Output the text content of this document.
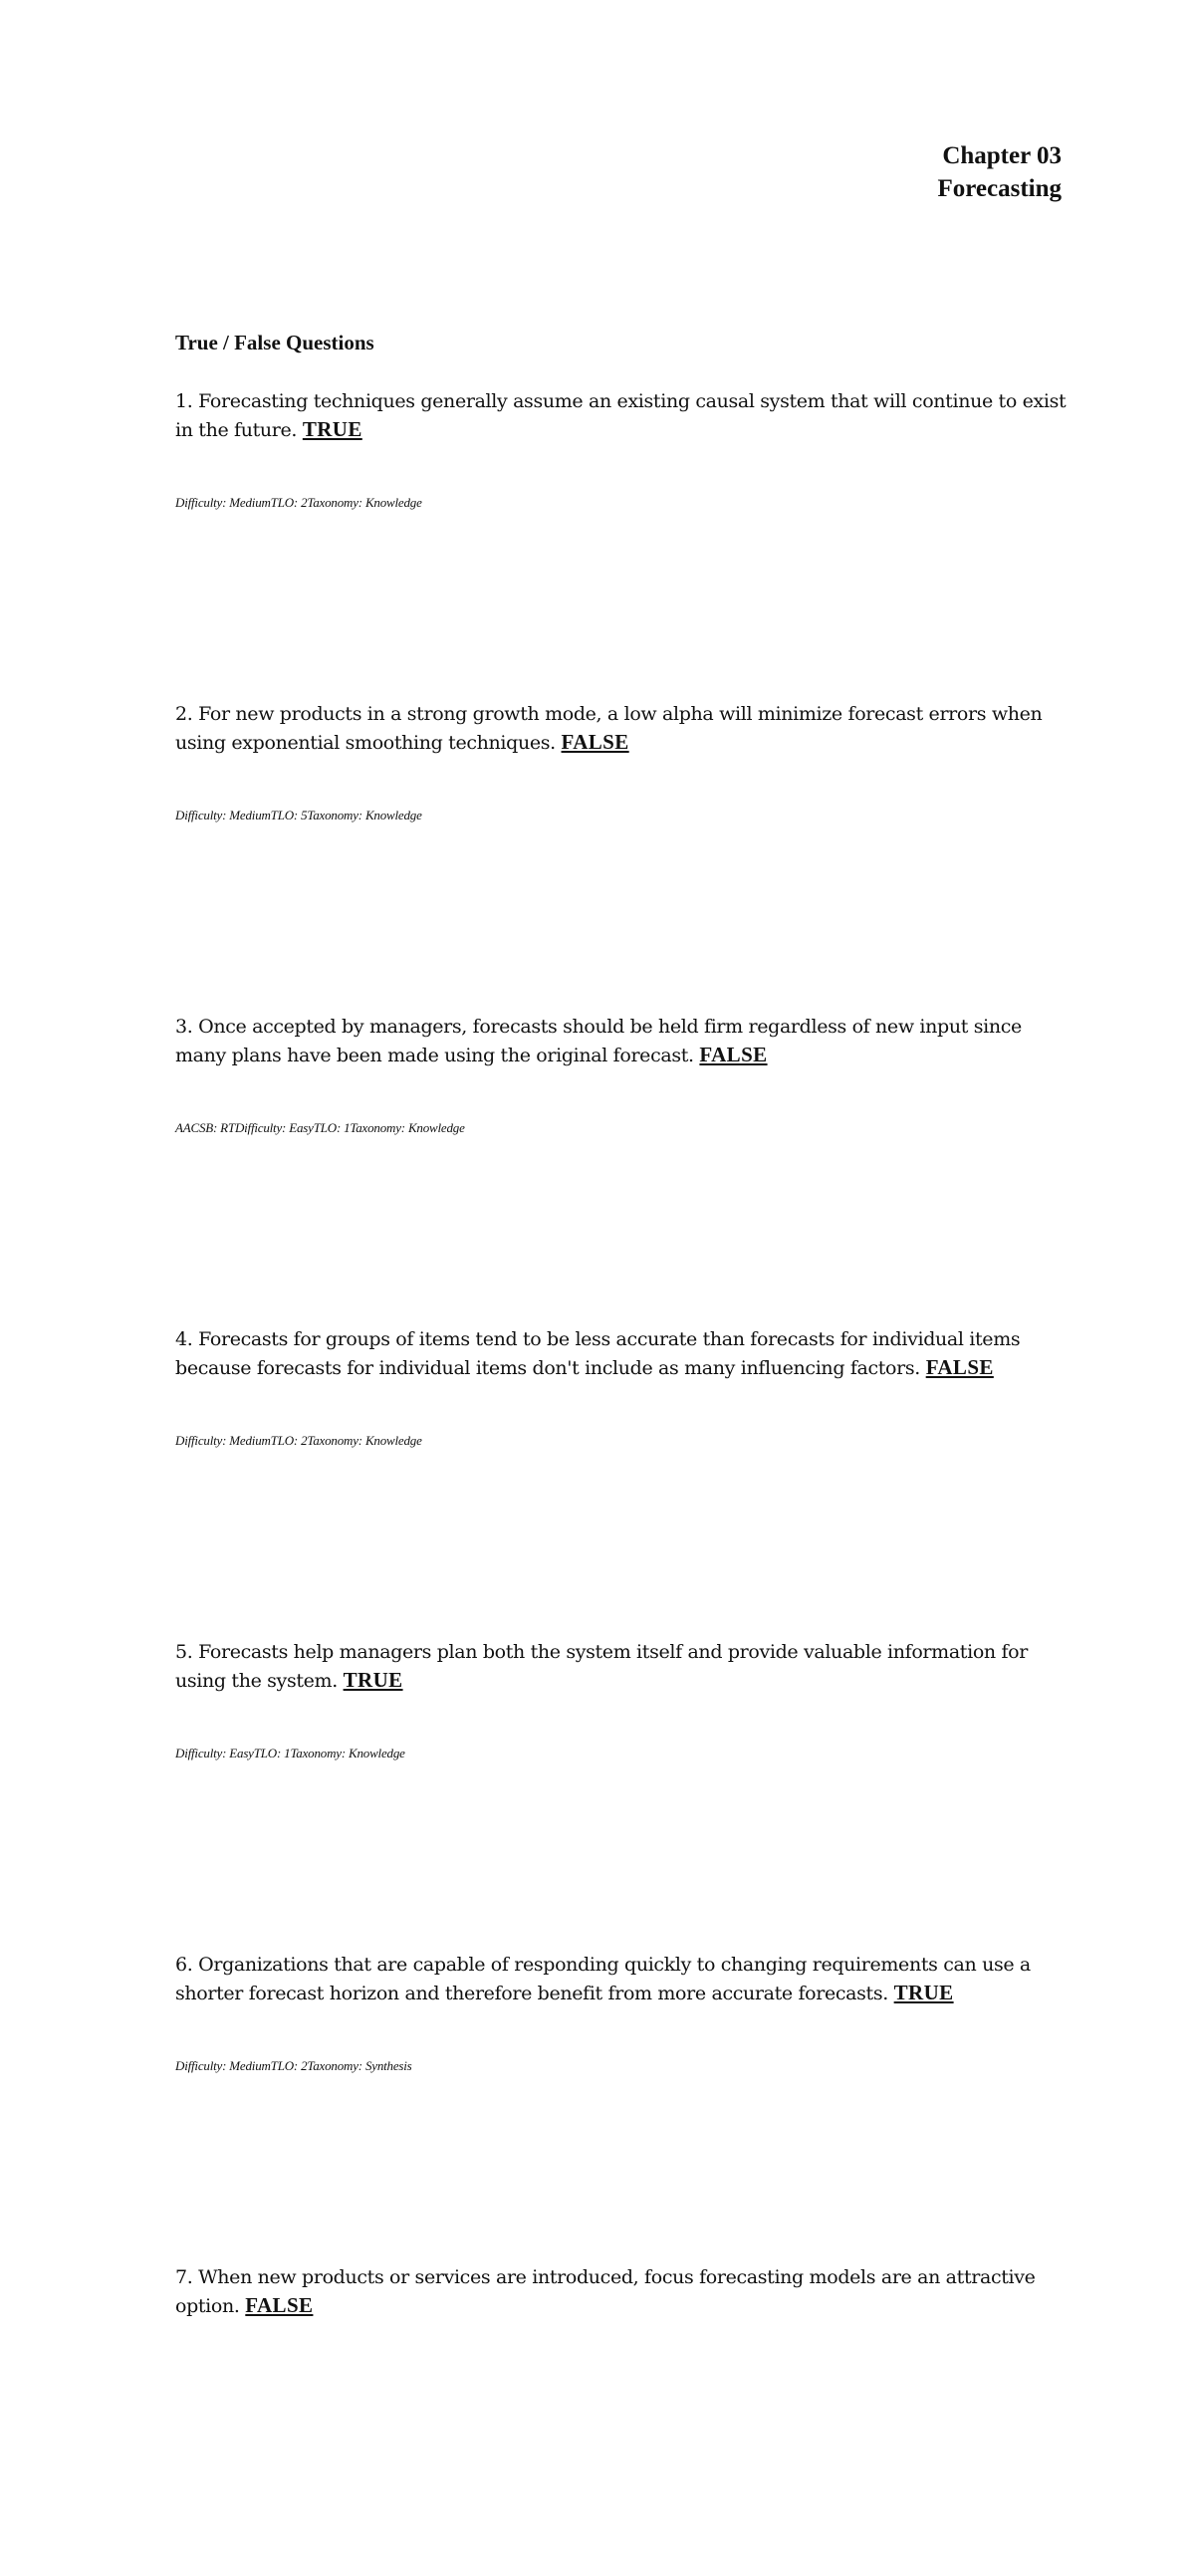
Chapter 03
Forecasting
True / False Questions
1. Forecasting techniques generally assume an existing causal system that will continue to exist in the future. TRUE
Difficulty: MediumTLO: 2Taxonomy: Knowledge
2. For new products in a strong growth mode, a low alpha will minimize forecast errors when using exponential smoothing techniques. FALSE
Difficulty: MediumTLO: 5Taxonomy: Knowledge
3. Once accepted by managers, forecasts should be held firm regardless of new input since many plans have been made using the original forecast. FALSE
AACSB: RTDifficulty: EasyTLO: 1Taxonomy: Knowledge
4. Forecasts for groups of items tend to be less accurate than forecasts for individual items because forecasts for individual items don't include as many influencing factors. FALSE
Difficulty: MediumTLO: 2Taxonomy: Knowledge
5. Forecasts help managers plan both the system itself and provide valuable information for using the system. TRUE
Difficulty: EasyTLO: 1Taxonomy: Knowledge
6. Organizations that are capable of responding quickly to changing requirements can use a shorter forecast horizon and therefore benefit from more accurate forecasts. TRUE
Difficulty: MediumTLO: 2Taxonomy: Synthesis
7. When new products or services are introduced, focus forecasting models are an attractive option. FALSE
